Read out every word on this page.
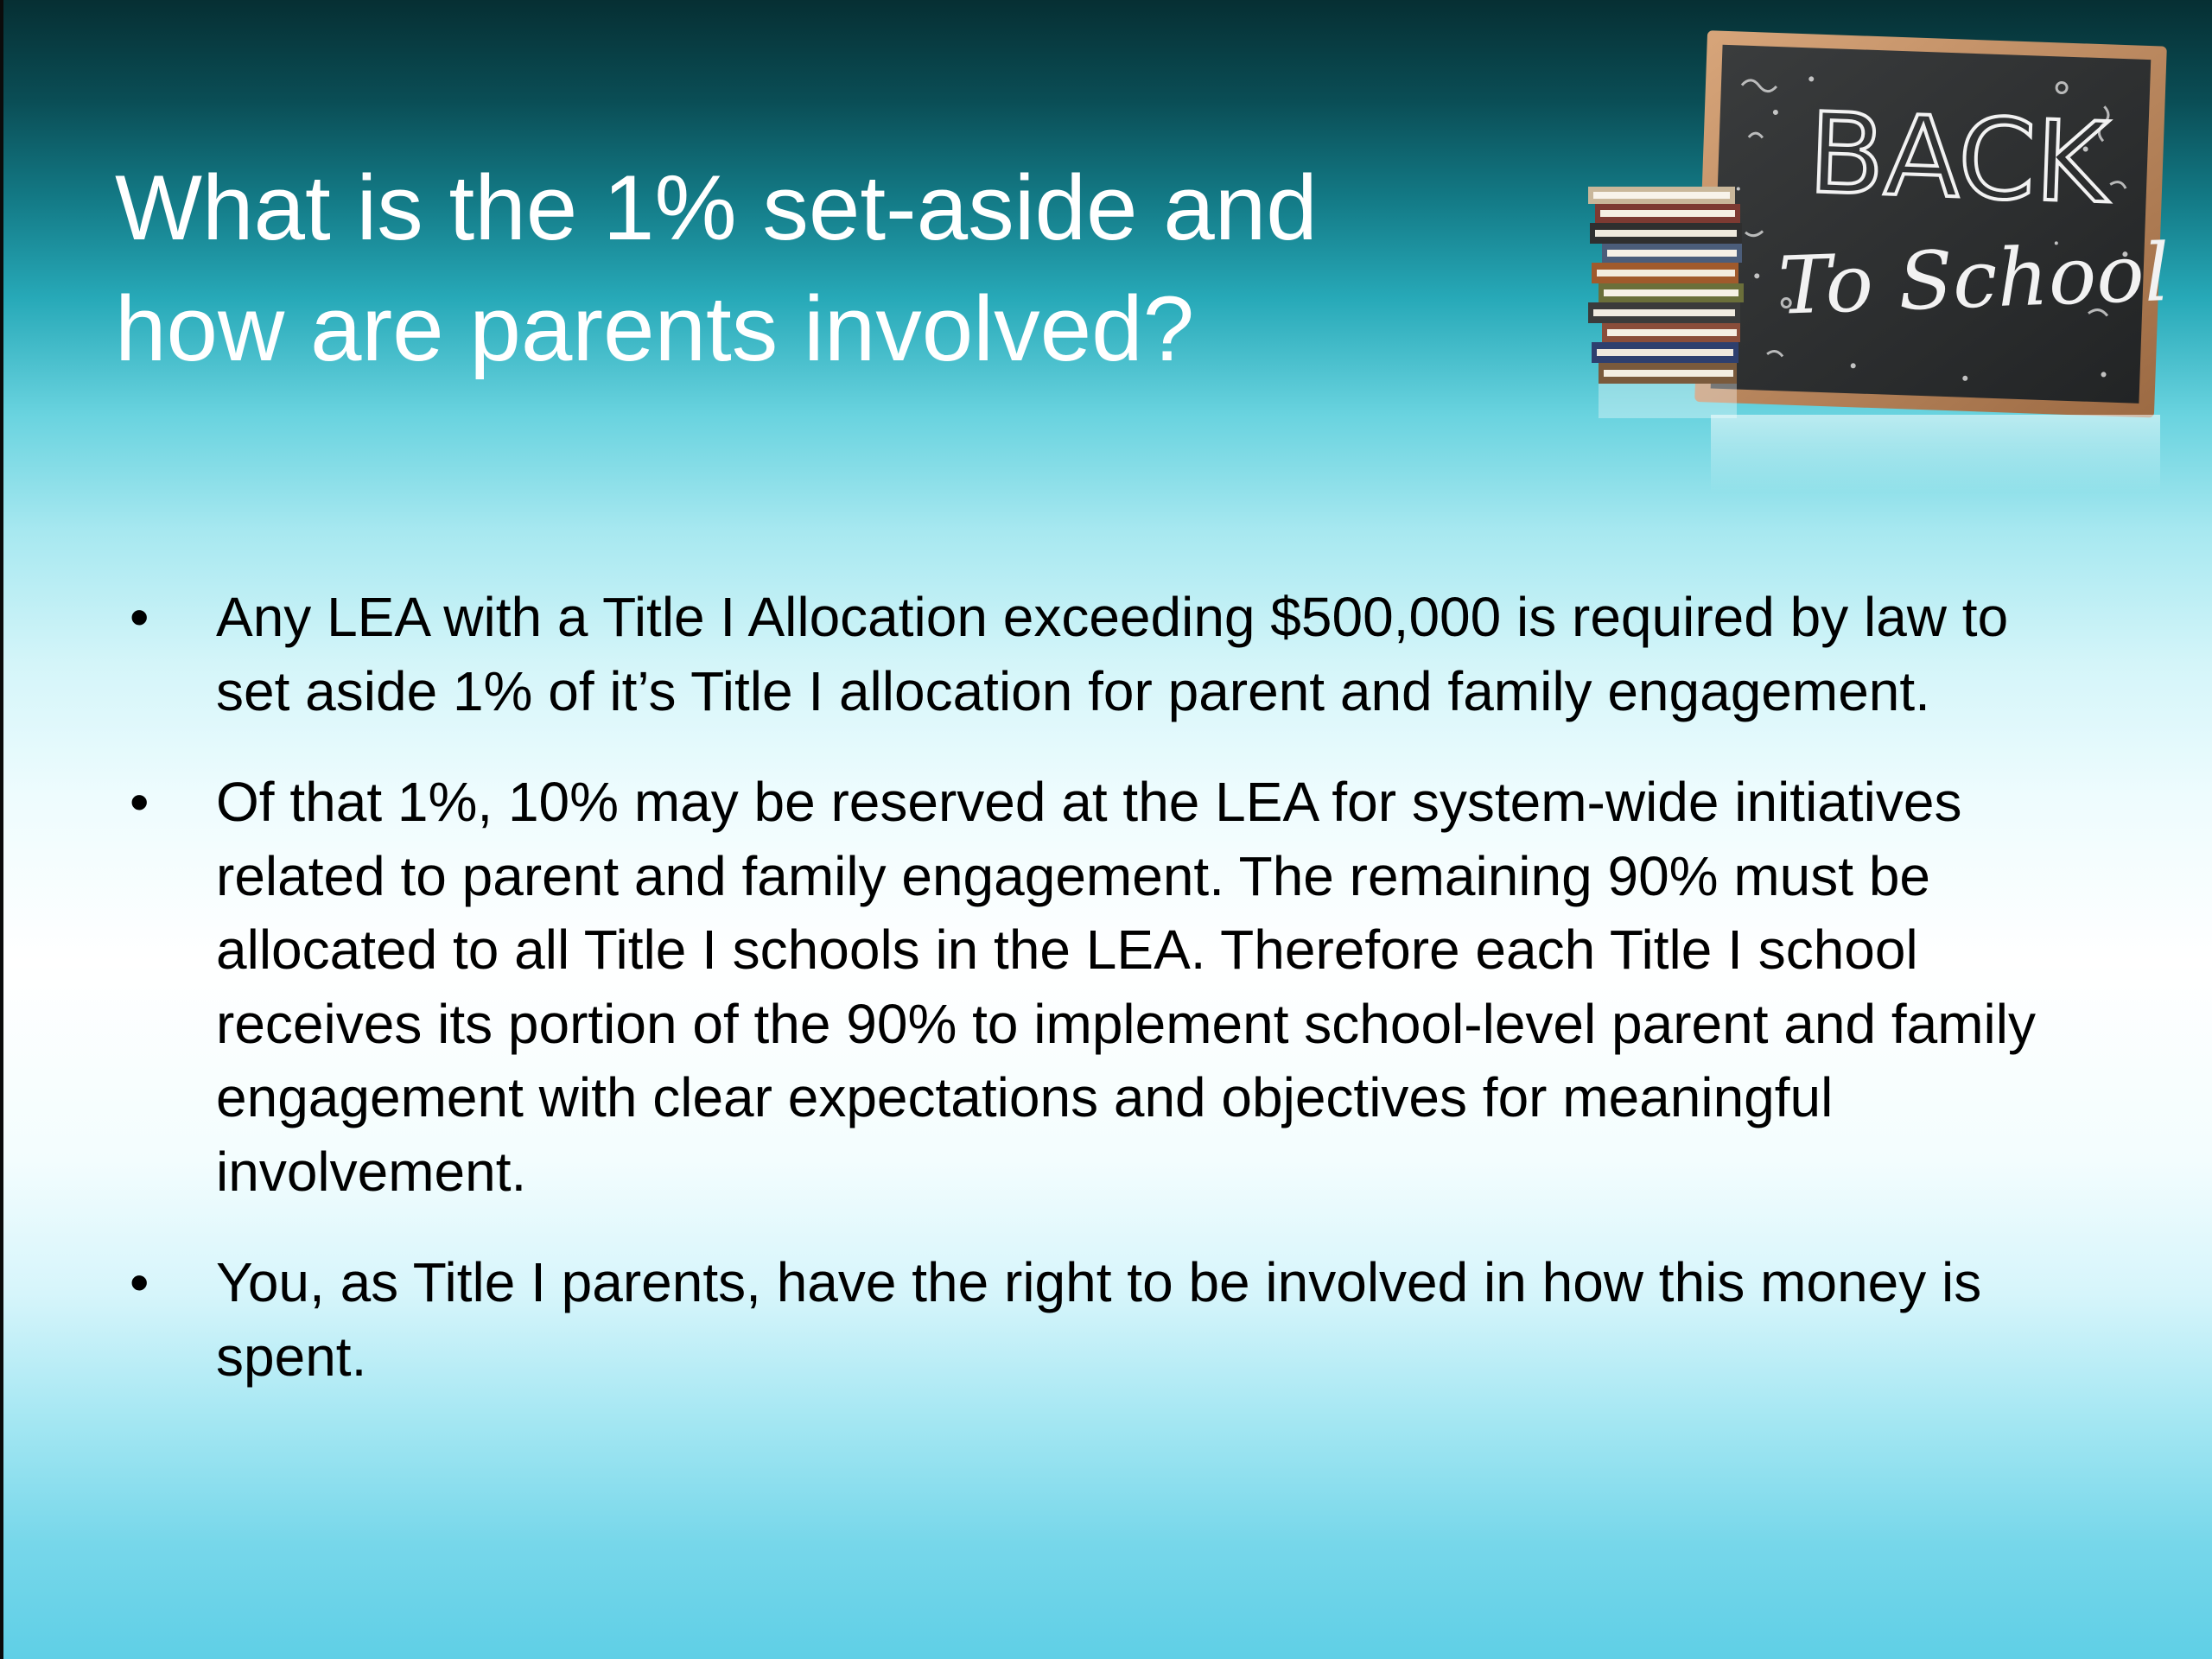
What is the 1% set-aside and
how are parents involved?
BACK
To School
• Any LEA with a Title I Allocation exceeding $500,000 is required by law to set aside 1% of it’s Title I allocation for parent and family engagement.
• Of that 1%, 10% may be reserved at the LEA for system-wide initiatives related to parent and family engagement. The remaining 90% must be allocated to all Title I schools in the LEA. Therefore each Title I school receives its portion of the 90% to implement school-level parent and family engagement with clear expectations and objectives for meaningful involvement.
• You, as Title I parents, have the right to be involved in how this money is spent.
